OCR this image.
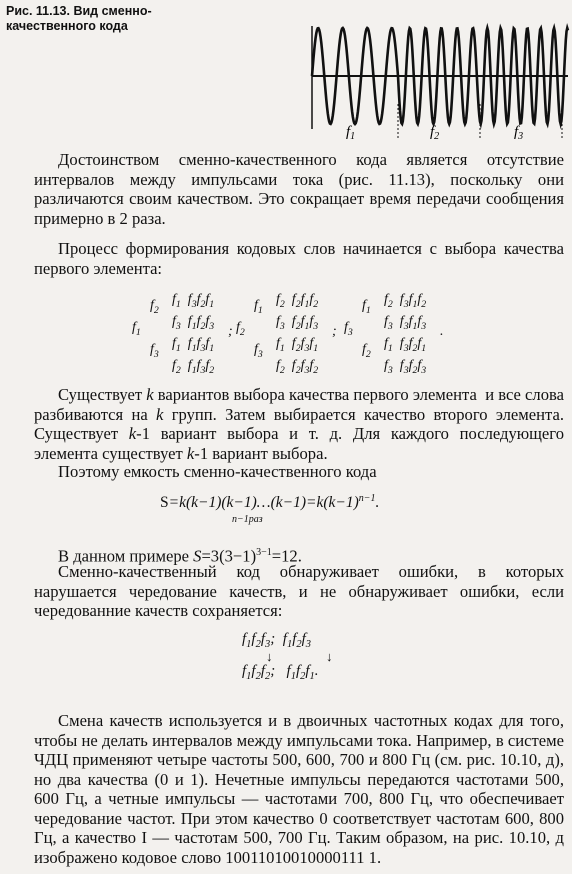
Рис. 11.13. Вид сменно-качественного кода
$f_1$	$f_2$	$f_3$

Достоинством сменно-качественного кода является отсутствие интервалов между импульсами тока (рис. 11.13), поскольку они различаются своим качеством. Это сокращает время передачи сообщения примерно в 2 раза.

Процесс формирования кодовых слов начинается с выбора качества первого элемента:

$f_1$
$f_2$
$f_1$  $f_3f_2f_1$
$f_3$  $f_1f_2f_3$
$f_3$
$f_1$  $f_1f_3f_1$
$f_2$  $f_1f_3f_2$
; $f_2$
$f_1$
$f_2$  $f_2f_1f_2$
$f_3$  $f_2f_1f_3$
$f_3$
$f_1$  $f_2f_3f_1$
$f_2$  $f_2f_3f_2$
; $f_3$
$f_1$
$f_2$  $f_3f_1f_2$
$f_3$  $f_3f_1f_3$
$f_2$
$f_1$  $f_3f_2f_1$
$f_3$  $f_3f_2f_3$
.

Существует k вариантов выбора качества первого элемента  и все слова разбиваются на k групп. Затем выбирается качество второго элемента. Существует k-1 вариант выбора и т. д. Для каждого последующего элемента существует k-1 вариант выбора.

Поэтому емкость сменно-качественного кода

$S=k(k-1)(k-1)\dots(k-1)=k(k-1)^{n-1}$.
n−1раз

В данном примере $S=3(3-1)^{3-1}=12$.

Сменно-качественный код обнаруживает ошибки, в которых нарушается чередование качеств, и не обнаруживает ошибки, если чередованние качеств сохраняется:

$f_1f_2f_3$;  $f_1f_2f_3$
↓	↓
$f_1f_2f_2$;   $f_1f_2f_1$.

Смена качеств используется и в двоичных частотных кодах для того, чтобы не делать интервалов между импульсами тока. Например, в системе ЧДЦ применяют четыре частоты 500, 600, 700 и 800 Гц (см. рис. 10.10, д), но два качества (0 и 1). Нечетные импульсы передаются частотами 500, 600 Гц, а четные импульсы — частотами 700, 800 Гц, что обеспечивает чередование частот. При этом качество 0 соответствует частотам 600, 800 Гц, а качество I — частотам 500, 700 Гц. Таким образом, на рис. 10.10, д изображено кодовое слово 10011010010000111 1.
